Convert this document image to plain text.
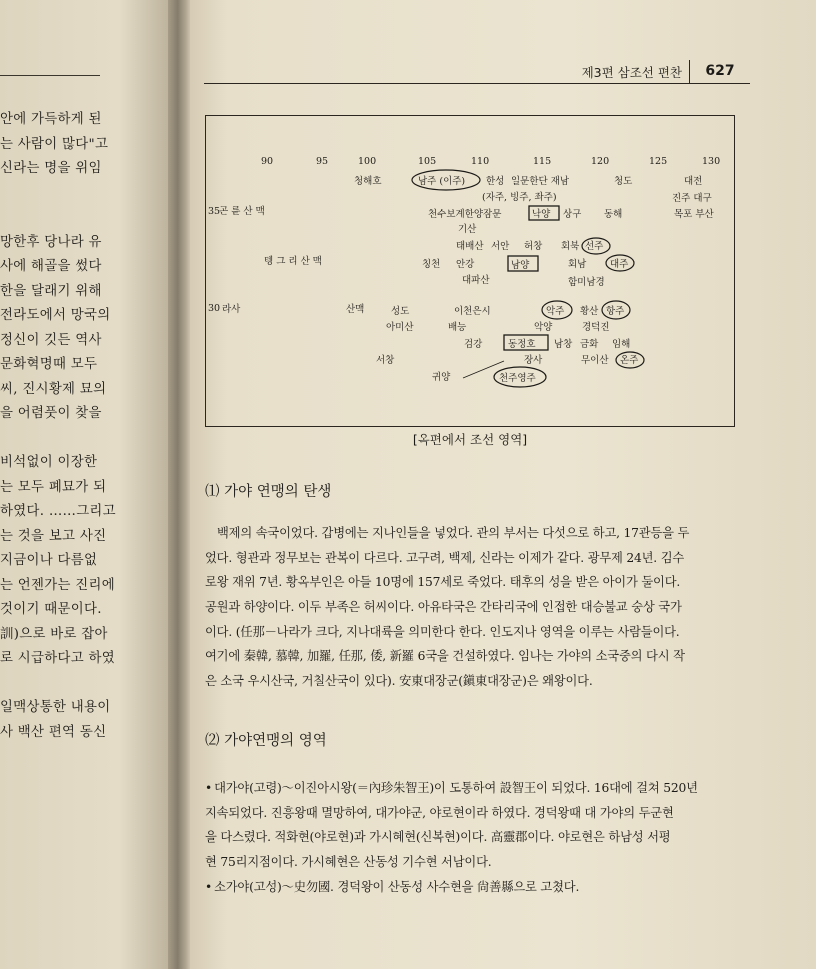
안에 가득하게 된
는 사람이 많다"고
신라는 명을 위임
망한후 당나라 유
사에 해골을 썼다
한을 달래기 위해
전라도에서 망국의
정신이 깃든 역사
문화혁명때 모두
씨, 진시황제 묘의
을 어렴풋이 찾을
비석없이 이장한
는 모두 폐묘가 되
하였다. ……그리고
는 것을 보고 사진
지금이나 다름없
는 언젠가는 진리에
것이기 때문이다.
訓)으로 바로 잡아
로 시급하다고 하였
일맥상통한 내용이
사 백산 편역 동신
제3편 삼조선 편찬	627
90	95	100	105	110	115	120	125	130
35
30
청해호	남주 (이주) 한성 일문한단 재남	청도	대전
(자주, 빙주, 좌주)	진주 대구
곤 륜 산 맥	천수보계한양잠문	낙양 상구 동해	목포 부산
기산
태배산 서안 허창 회북 선주
텡 그 리 산 맥	칭천 안강	남양	회남 대주
대파산	함미남경
라사	산맥	성도	이천은시	악주 황산 항주
아미산	배능	악양	경덕진
검강	동정호 남창 금화 임해
서창	장사	무이산 온주
귀양	천주영주
[옥편에서 조선 영역]
⑴ 가야 연맹의 탄생
백제의 속국이었다. 갑병에는 지나인들을 넣었다. 관의 부서는 다섯으로 하고, 17관등을 두
었다. 형관과 정무보는 관복이 다르다. 고구려, 백제, 신라는 이제가 같다. 광무제 24년. 김수
로왕 재위 7년. 황옥부인은 아들 10명에 157세로 죽었다. 태후의 성을 받은 아이가 둘이다.
공원과 하양이다. 이두 부족은 허씨이다. 아유타국은 간타리국에 인접한 대승불교 숭상 국가
이다. (任那－나라가 크다, 지나대륙을 의미한다 한다. 인도지나 영역을 이루는 사람들이다.
여기에 秦韓, 慕韓, 加羅, 任那, 倭, 新羅 6국을 건설하였다. 임나는 가야의 소국중의 다시 작
은 소국 우시산국, 거칠산국이 있다). 安東대장군(鎭東대장군)은 왜왕이다.
⑵ 가야연맹의 영역
• 대가야(고령)～이진아시왕(＝內珍朱智王)이 도통하여 設智王이 되었다. 16대에 걸쳐 520년
지속되었다. 진흥왕때 멸망하여, 대가야군, 야로현이라 하였다. 경덕왕때 대 가야의 두군현
을 다스렸다. 적화현(야로현)과 가시혜현(신복현)이다. 高靈郡이다. 야로현은 하남성 서평
현 75리지점이다. 가시혜현은 산동성 기수현 서남이다.
• 소가야(고성)～史勿國. 경덕왕이 산동성 사수현을 尙善縣으로 고쳤다.
